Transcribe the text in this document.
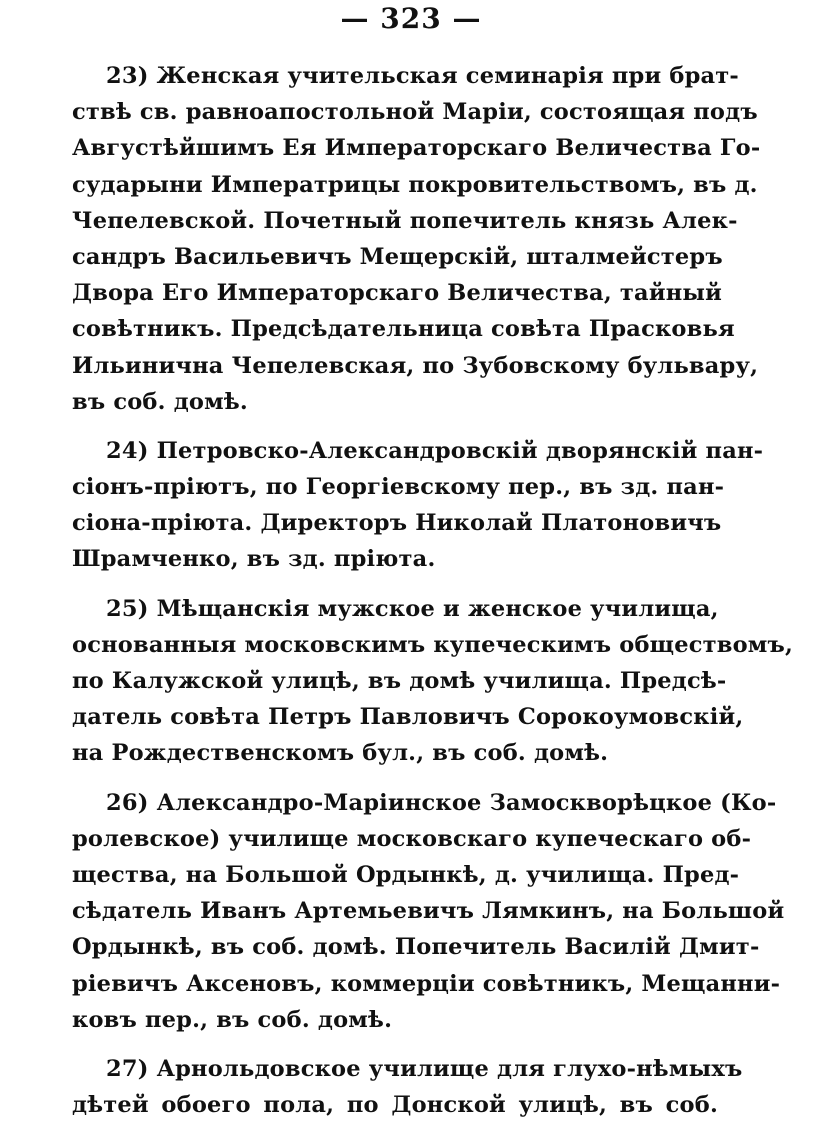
— 323 —
23) Женская учительская семинарія при брат-
ствѣ св. равноапостольной Маріи, состоящая подъ
Августѣйшимъ Ея Императорскаго Величества Го-
сударыни Императрицы покровительствомъ, въ д.
Чепелевской. Почетный попечитель князь Алек-
сандръ Васильевичъ Мещерскій, шталмейстеръ
Двора Его Императорскаго Величества, тайный
совѣтникъ. Предсѣдательница совѣта Прасковья
Ильинична Чепелевская, по Зубовскому бульвару,
въ соб. домѣ.
24) Петровско-Александровскій дворянскій пан-
сіонъ-пріютъ, по Георгіевскому пер., въ зд. пан-
сіона-пріюта. Директоръ Николай Платоновичъ
Шрамченко, въ зд. пріюта.
25) Мѣщанскія мужское и женское училища,
основанныя московскимъ купеческимъ обществомъ,
по Калужской улицѣ, въ домѣ училища. Предсѣ-
датель совѣта Петръ Павловичъ Сорокоумовскій,
на Рождественскомъ бул., въ соб. домѣ.
26) Александро-Маріинское Замоскворѣцкое (Ко-
ролевское) училище московскаго купеческаго об-
щества, на Большой Ордынкѣ, д. училища. Пред-
сѣдатель Иванъ Артемьевичъ Лямкинъ, на Большой
Ордынкѣ, въ соб. домѣ. Попечитель Василій Дмит-
ріевичъ Аксеновъ, коммерціи совѣтникъ, Мещанни-
ковъ пер., въ соб. домѣ.
27) Арнольдовское училище для глухо-нѣмыхъ
дѣтей обоего пола, по Донской улицѣ, въ соб.
